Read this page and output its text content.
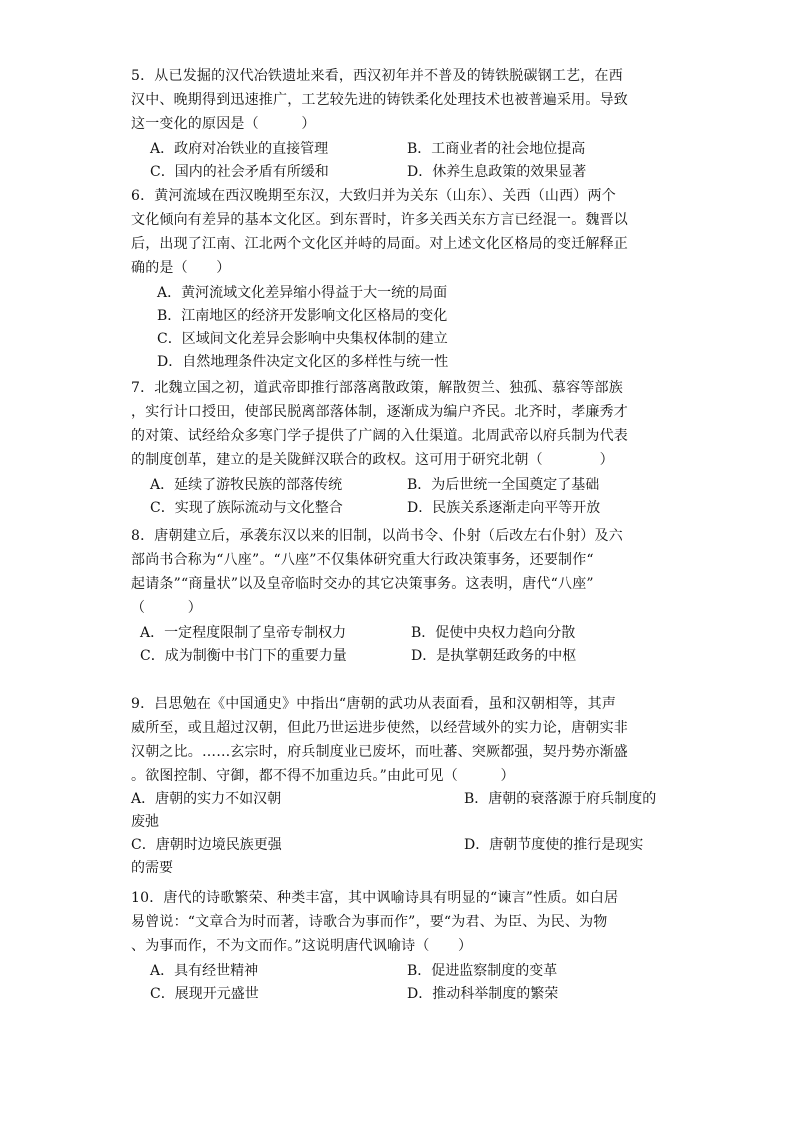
5．从已发掘的汉代冶铁遗址来看，西汉初年并不普及的铸铁脱碳钢工艺，在西
汉中、晚期得到迅速推广，工艺较先进的铸铁柔化处理技术也被普遍采用。导致
这一变化的原因是（　　　）
A．政府对冶铁业的直接管理	B．工商业者的社会地位提高
C．国内的社会矛盾有所缓和	D．休养生息政策的效果显著
6．黄河流域在西汉晚期至东汉，大致归并为关东（山东）、关西（山西）两个
文化倾向有差异的基本文化区。到东晋时，许多关西关东方言已经混一。魏晋以
后，出现了江南、江北两个文化区并峙的局面。对上述文化区格局的变迁解释正
确的是（　　）
A．黄河流域文化差异缩小得益于大一统的局面
B．江南地区的经济开发影响文化区格局的变化
C．区域间文化差异会影响中央集权体制的建立
D．自然地理条件决定文化区的多样性与统一性
7．北魏立国之初，道武帝即推行部落离散政策，解散贺兰、独孤、慕容等部族
，实行计口授田，使部民脱离部落体制，逐渐成为编户齐民。北齐时，孝廉秀才
的对策、试经给众多寒门学子提供了广阔的入仕渠道。北周武帝以府兵制为代表
的制度创革，建立的是关陇鲜汉联合的政权。这可用于研究北朝（　　　　）
A．延续了游牧民族的部落传统	B．为后世统一全国奠定了基础
C．实现了族际流动与文化整合	D．民族关系逐渐走向平等开放
8．唐朝建立后，承袭东汉以来的旧制，以尚书令、仆射（后改左右仆射）及六
部尚书合称为“八座”。“八座”不仅集体研究重大行政决策事务，还要制作“
起请条”“商量状”以及皇帝临时交办的其它决策事务。这表明，唐代“八座”
（　　　）
A．一定程度限制了皇帝专制权力	B．促使中央权力趋向分散
C．成为制衡中书门下的重要力量	D．是执掌朝廷政务的中枢
9．吕思勉在《中国通史》中指出“唐朝的武功从表面看，虽和汉朝相等，其声
威所至，或且超过汉朝，但此乃世运进步使然，以经营域外的实力论，唐朝实非
汉朝之比。……玄宗时，府兵制度业已废坏，而吐蕃、突厥都强，契丹势亦渐盛
。欲图控制、守御，都不得不加重边兵。”由此可见（　　　）
A．唐朝的实力不如汉朝	B．唐朝的衰落源于府兵制度的
废弛
C．唐朝时边境民族更强	D．唐朝节度使的推行是现实
的需要
10．唐代的诗歌繁荣、种类丰富，其中讽喻诗具有明显的“谏言”性质。如白居
易曾说：“文章合为时而著，诗歌合为事而作”，要“为君、为臣、为民、为物
、为事而作，不为文而作。”这说明唐代讽喻诗（　　）
A．具有经世精神	B．促进监察制度的变革
C．展现开元盛世	D．推动科举制度的繁荣
